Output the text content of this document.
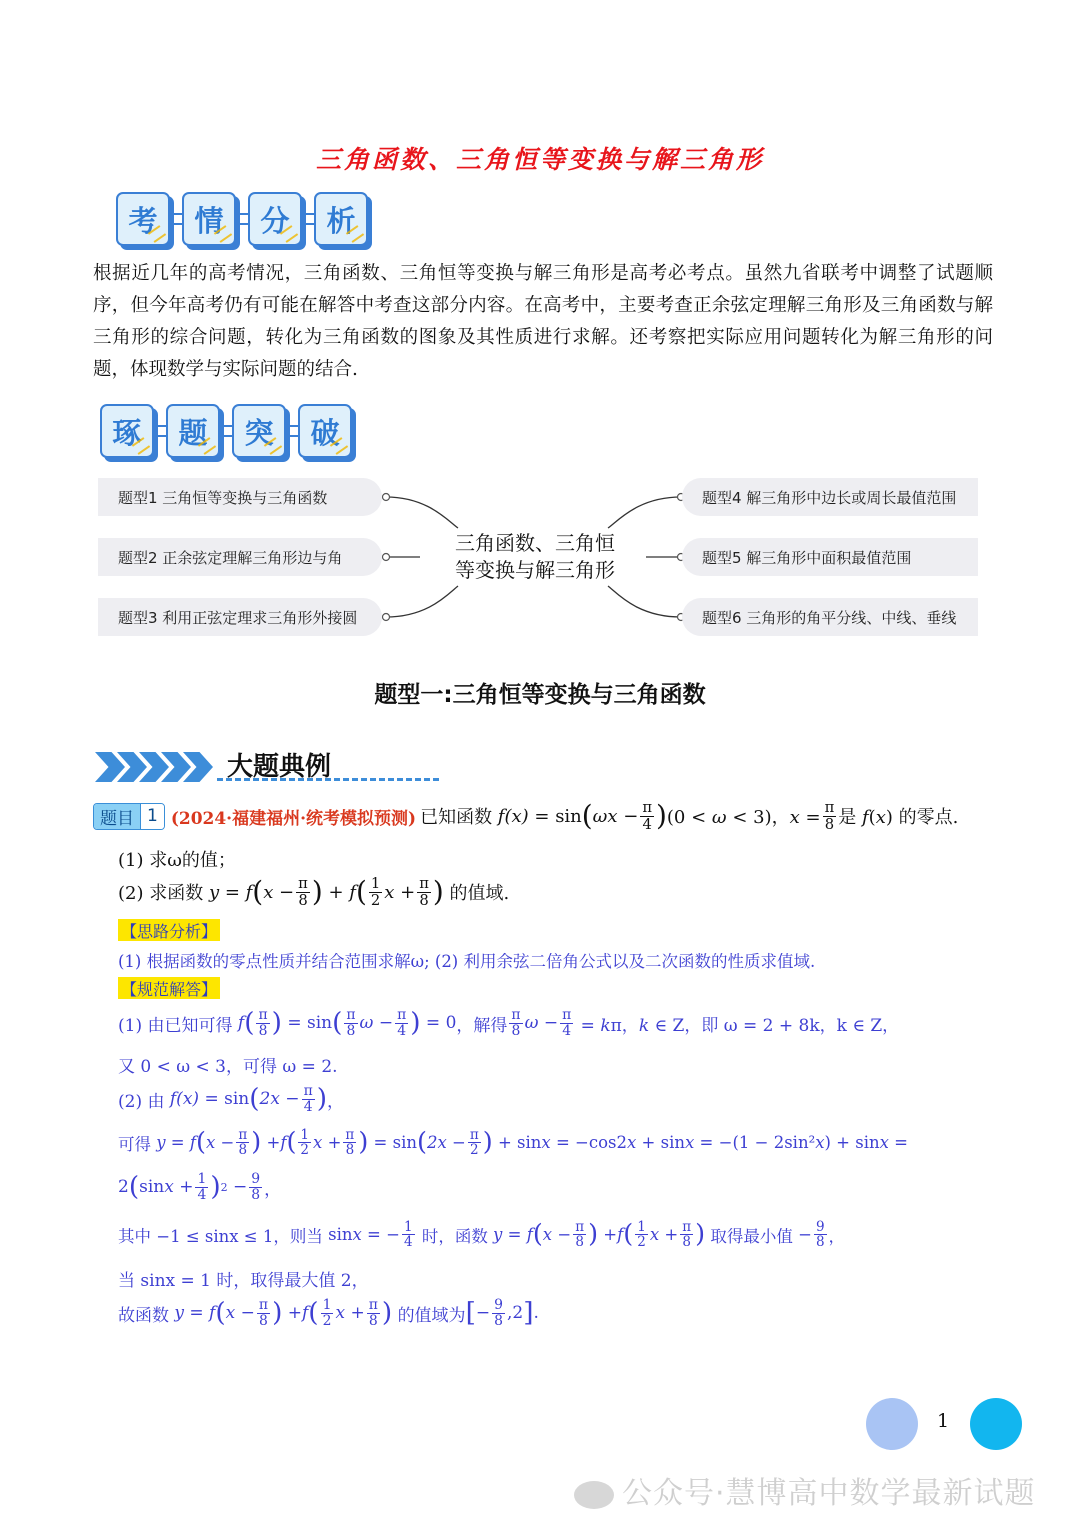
三角函数、三角恒等变换与解三角形
考	情	分	析
根据近几年的高考情况，三角函数、三角恒等变换与解三角形是高考必考点。虽然九省联考中调整了试题顺序，但今年高考仍有可能在解答中考查这部分内容。在高考中，主要考查正余弦定理解三角形及三角函数与解三角形的综合问题，转化为三角函数的图象及其性质进行求解。还考察把实际应用问题转化为解三角形的问题，体现数学与实际问题的结合.
琢	题	突	破
题型1 三角恒等变换与三角函数
题型2 正余弦定理解三角形边与角
题型3 利用正弦定理求三角形外接圆
题型4 解三角形中边长或周长最值范围
题型5 解三角形中面积最值范围
题型6 三角形的角平分线、中线、垂线
三角函数、三角恒
等变换与解三角形
题型一:三角恒等变换与三角函数
大题典例
题目 1 (2024·福建福州·统考模拟预测) 已知函数 f(x) = sin ( $\omega x - \frac{\pi}{4}$ ) (0 < ω < 3)，$x = \frac{\pi}{8}$ 是 f(x) 的零点.
(1) 求ω的值；
(2) 求函数 y = f ( $x - \frac{\pi}{8}$ ) + f ( $\frac{1}{2}$ $x + \frac{\pi}{8}$ )
的值域.
【思路分析】
(1) 根据函数的零点性质并结合范围求解ω; (2) 利用余弦二倍角公式以及二次函数的性质求值域.
【规范解答】
(1) 由已知可得 f ( $\frac{\pi}{8}$ ) = sin ( $\frac{\pi}{8}$ $\omega - \frac{\pi}{4}$ ) = 0 ，解得 $\frac{\pi}{8}$ $\omega - \frac{\pi}{4} = k\pi$，k ∈ Z ，即 ω = 2 + 8k，k ∈ Z，
又 0 < ω < 3，可得 ω = 2.
(2) 由 f(x) = sin ( $2x - \frac{\pi}{4}$ ) ，
可得 y = f ( $x - \frac{\pi}{8}$ ) + f ( $\frac{1}{2}$ $x + \frac{\pi}{8}$ ) = sin ( $2x - \frac{\pi}{2}$ ) + sinx = −cos2x + sinx = −(1 − 2sin²x) + sinx =
2 ( $\sin x + \frac{1}{4}$ ) $2 - \frac{9}{8}$ ，
其中 −1 ≤ sinx ≤ 1，则当 sinx = − $\frac{1}{4}$
时，函数 y = f ( $x - \frac{\pi}{8}$ ) + f ( $\frac{1}{2}$ $x + \frac{\pi}{8}$ )
取得最小值 − $\frac{9}{8}$ ，
当 sinx = 1 时，取得最大值 2，
故函数 y = f ( $x - \frac{\pi}{8}$ ) + f ( $\frac{1}{2}$ $x + \frac{\pi}{8}$ )
的值域为 [ − $\frac{9}{8} ,2$ ] .
1
公众号·慧博高中数学最新试题
